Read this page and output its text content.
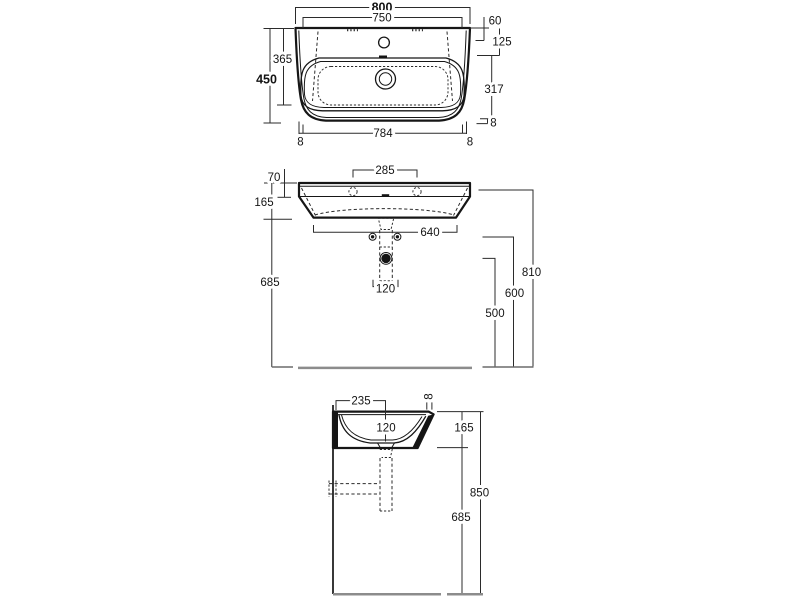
800
750
450
365
60
125
317
8
784
8	8
285
70
165
685
640
120
810
600
500
235	8
120	165
685
850
